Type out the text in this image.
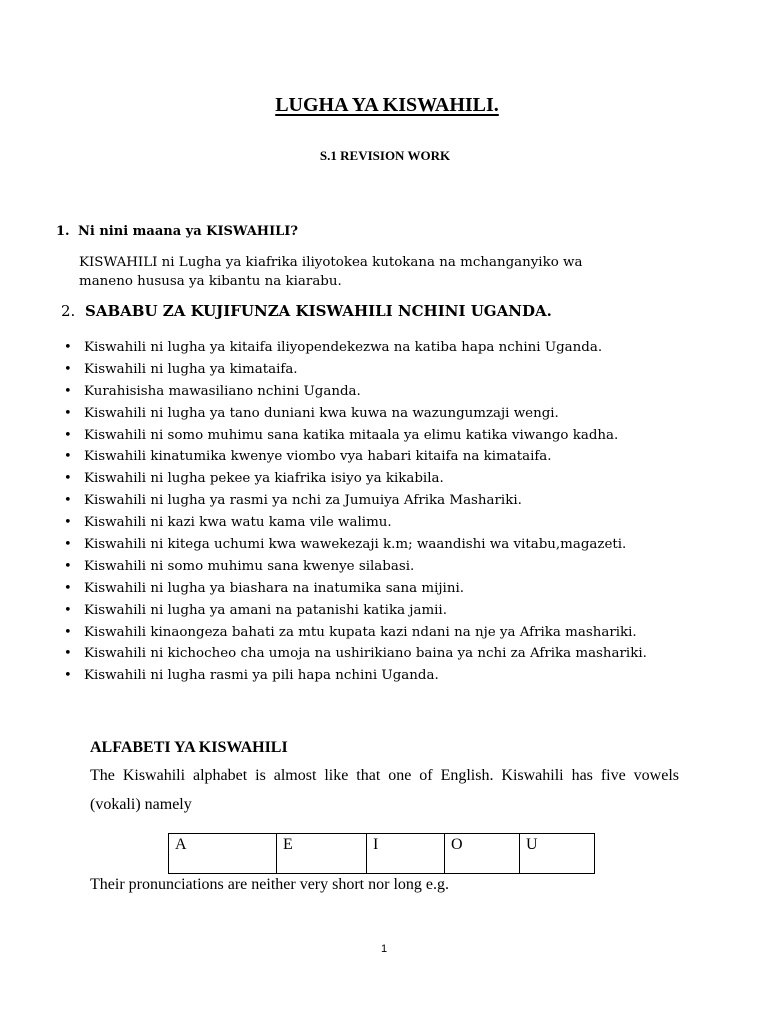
LUGHA YA KISWAHILI.
S.1 REVISION WORK
1. Ni nini maana ya KISWAHILI?
KISWAHILI ni Lugha ya kiafrika iliyotokea kutokana na mchanganyiko wa
maneno hususa ya kibantu na kiarabu.
2. SABABU ZA KUJIFUNZA KISWAHILI NCHINI UGANDA.
• Kiswahili ni lugha ya kitaifa iliyopendekezwa na katiba hapa nchini Uganda.
• Kiswahili ni lugha ya kimataifa.
• Kurahisisha mawasiliano nchini Uganda.
• Kiswahili ni lugha ya tano duniani kwa kuwa na wazungumzaji wengi.
• Kiswahili ni somo muhimu sana katika mitaala ya elimu katika viwango kadha.
• Kiswahili kinatumika kwenye viombo vya habari kitaifa na kimataifa.
• Kiswahili ni lugha pekee ya kiafrika isiyo ya kikabila.
• Kiswahili ni lugha ya rasmi ya nchi za Jumuiya Afrika Mashariki.
• Kiswahili ni kazi kwa watu kama vile walimu.
• Kiswahili ni kitega uchumi kwa wawekezaji k.m; waandishi wa vitabu,magazeti.
• Kiswahili ni somo muhimu sana kwenye silabasi.
• Kiswahili ni lugha ya biashara na inatumika sana mijini.
• Kiswahili ni lugha ya amani na patanishi katika jamii.
• Kiswahili kinaongeza bahati za mtu kupata kazi ndani na nje ya Afrika mashariki.
• Kiswahili ni kichocheo cha umoja na ushirikiano baina ya nchi za Afrika mashariki.
• Kiswahili ni lugha rasmi ya pili hapa nchini Uganda.
ALFABETI YA KISWAHILI
The Kiswahili alphabet is almost like that one of English. Kiswahili has five vowels (vokali) namely
A	E	I	O	U
Their pronunciations are neither very short nor long e.g.
1
